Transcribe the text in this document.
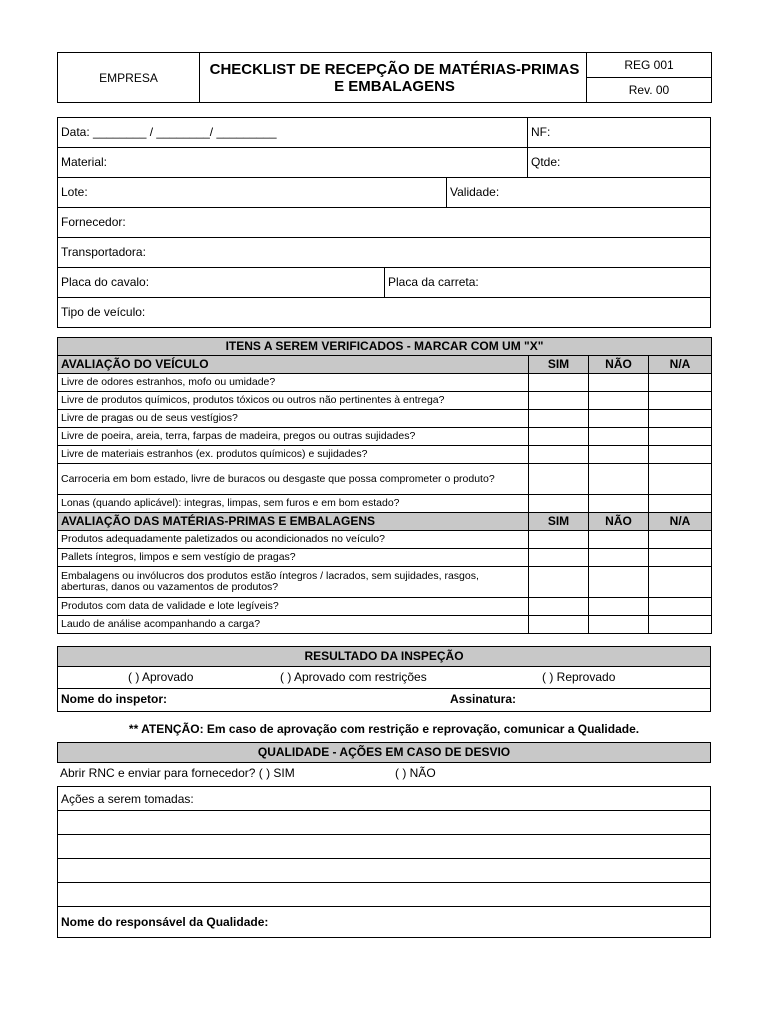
EMPRESA	CHECKLIST DE RECEPÇÃO DE MATÉRIAS-PRIMAS E EMBALAGENS	REG 001
Rev. 00
Data: ________ / ________/ _________	NF:
Material:	Qtde:
Lote:	Validade:
Fornecedor:
Transportadora:
Placa do cavalo:	Placa da carreta:
Tipo de veículo:
ITENS A SEREM VERIFICADOS - MARCAR COM UM "X"			
AVALIAÇÃO DO VEÍCULO	SIM	NÃO	N/A
Livre de odores estranhos, mofo ou umidade?			
Livre de produtos químicos, produtos tóxicos ou outros não pertinentes à entrega?			
Livre de pragas ou de seus vestígios?			
Livre de poeira, areia, terra, farpas de madeira, pregos ou outras sujidades?			
Livre de materiais estranhos (ex. produtos químicos) e sujidades?			
Carroceria em bom estado, livre de buracos ou desgaste que possa comprometer o produto?			
Lonas (quando aplicável): integras, limpas, sem furos e em bom estado?			
AVALIAÇÃO DAS MATÉRIAS-PRIMAS E EMBALAGENS	SIM	NÃO	N/A
Produtos adequadamente paletizados ou acondicionados no veículo?			
Pallets íntegros, limpos e sem vestígio de pragas?			
Embalagens ou invólucros dos produtos estão íntegros / lacrados, sem sujidades, rasgos, aberturas, danos ou vazamentos de produtos?			
Produtos com data de validade e lote legíveis?			
Laudo de análise acompanhando a carga?			
RESULTADO DA INSPEÇÃO
( ) Aprovado	( ) Aprovado com restrições	( ) Reprovado
Nome do inspetor:	Assinatura:
** ATENÇÃO: Em caso de aprovação com restrição e reprovação, comunicar a Qualidade.
QUALIDADE - AÇÕES EM CASO DE DESVIO
Abrir RNC e enviar para fornecedor? ( ) SIM	( ) NÃO
Ações a serem tomadas:
Nome do responsável da Qualidade:
